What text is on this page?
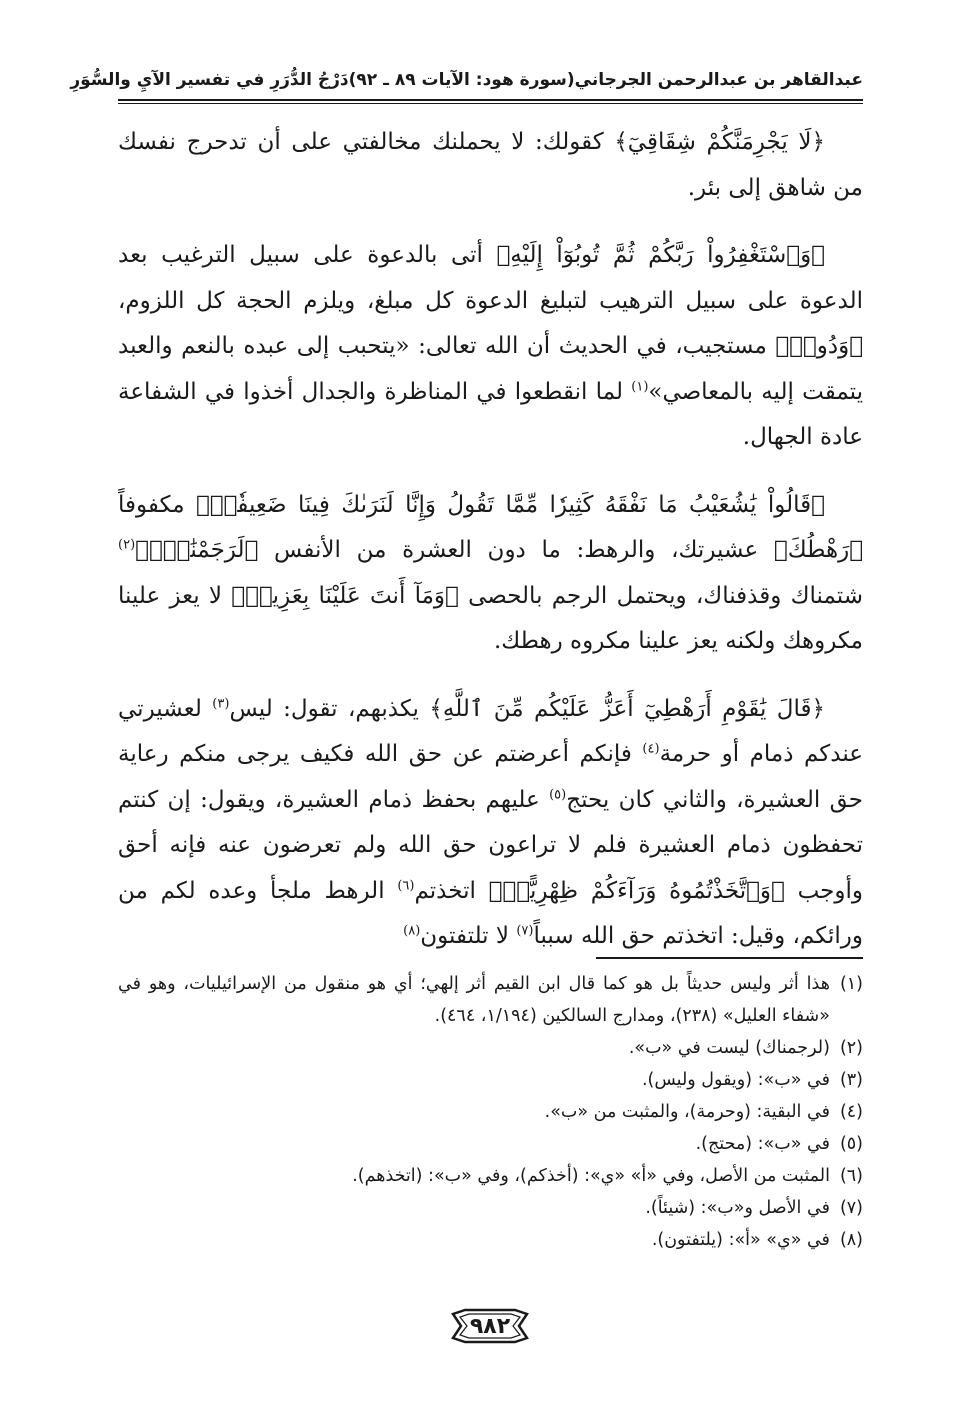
عبدالقاهر بن عبدالرحمن الجرجاني
(سورة هود: الآيات ٨٩ ـ ٩٢)
دَرْجُ الدُّرَرِ في تفسير الآيِ والسُّوَرِ

﴿لَا يَجْرِمَنَّكُمْ شِقَاقِيٓ﴾ كقولك: لا يحملنك مخالفتي على أن تدحرج نفسك من شاهق إلى بئر.

﴿وَٱسْتَغْفِرُواْ رَبَّكُمْ ثُمَّ تُوبُوٓاْ إِلَيْهِ﴾ أتى بالدعوة على سبيل الترغيب بعد الدعوة على سبيل الترهيب لتبليغ الدعوة كل مبلغ، ويلزم الحجة كل اللزوم، ﴿وَدُودٞ﴾ مستجيب، في الحديث أن الله تعالى: «يتحبب إلى عبده بالنعم والعبد يتمقت إليه بالمعاصي»$^{(١)}$ لما انقطعوا في المناظرة والجدال أخذوا في الشفاعة عادة الجهال.

﴿قَالُواْ يَٰشُعَيْبُ مَا نَفْقَهُ كَثِيرٗا مِّمَّا تَقُولُ وَإِنَّا لَنَرَىٰكَ فِينَا ضَعِيفٗاۖ﴾ مكفوفاً ﴿رَهْطُكَ﴾ عشيرتك، والرهط: ما دون العشرة من الأنفس ﴿لَرَجَمْنَٰكَۖ﴾$^{(٢)}$ شتمناك وقذفناك، ويحتمل الرجم بالحصى ﴿وَمَآ أَنتَ عَلَيْنَا بِعَزِيزٖ﴾ لا يعز علينا مكروهك ولكنه يعز علينا مكروه رهطك.

﴿قَالَ يَٰقَوْمِ أَرَهْطِيٓ أَعَزُّ عَلَيْكُم مِّنَ ٱللَّهِ﴾ يكذبهم، تقول: ليس$^{(٣)}$ لعشيرتي عندكم ذمام أو حرمة$^{(٤)}$ فإنكم أعرضتم عن حق الله فكيف يرجى منكم رعاية حق العشيرة، والثاني كان يحتج$^{(٥)}$ عليهم بحفظ ذمام العشيرة، ويقول: إن كنتم تحفظون ذمام العشيرة فلم لا تراعون حق الله ولم تعرضون عنه فإنه أحق وأوجب ﴿وَٱتَّخَذْتُمُوهُ وَرَآءَكُمْ ظِهْرِيًّاۖ﴾ اتخذتم$^{(٦)}$ الرهط ملجأ وعده لكم من ورائكم، وقيل: اتخذتم حق الله سبباً$^{(٧)}$ لا تلتفتون$^{(٨)}$

(١)
هذا أثر وليس حديثاً بل هو كما قال ابن القيم أثر إلهي؛ أي هو منقول من الإسرائيليات، وهو في «شفاء العليل» (٢٣٨)، ومدارج السالكين (١/١٩٤، ٤٦٤).
(٢)
(لرجمناك) ليست في «ب».
(٣)
في «ب»: (ويقول وليس).
(٤)
في البقية: (وحرمة)، والمثبت من «ب».
(٥)
في «ب»: (محتج).
(٦)
المثبت من الأصل، وفي «أ» «ي»: (أخذكم)، وفي «ب»: (اتخذهم).
(٧)
في الأصل و«ب»: (شيئاً).
(٨)
في «ي» «أ»: (يلتفتون).
٩٨٢
